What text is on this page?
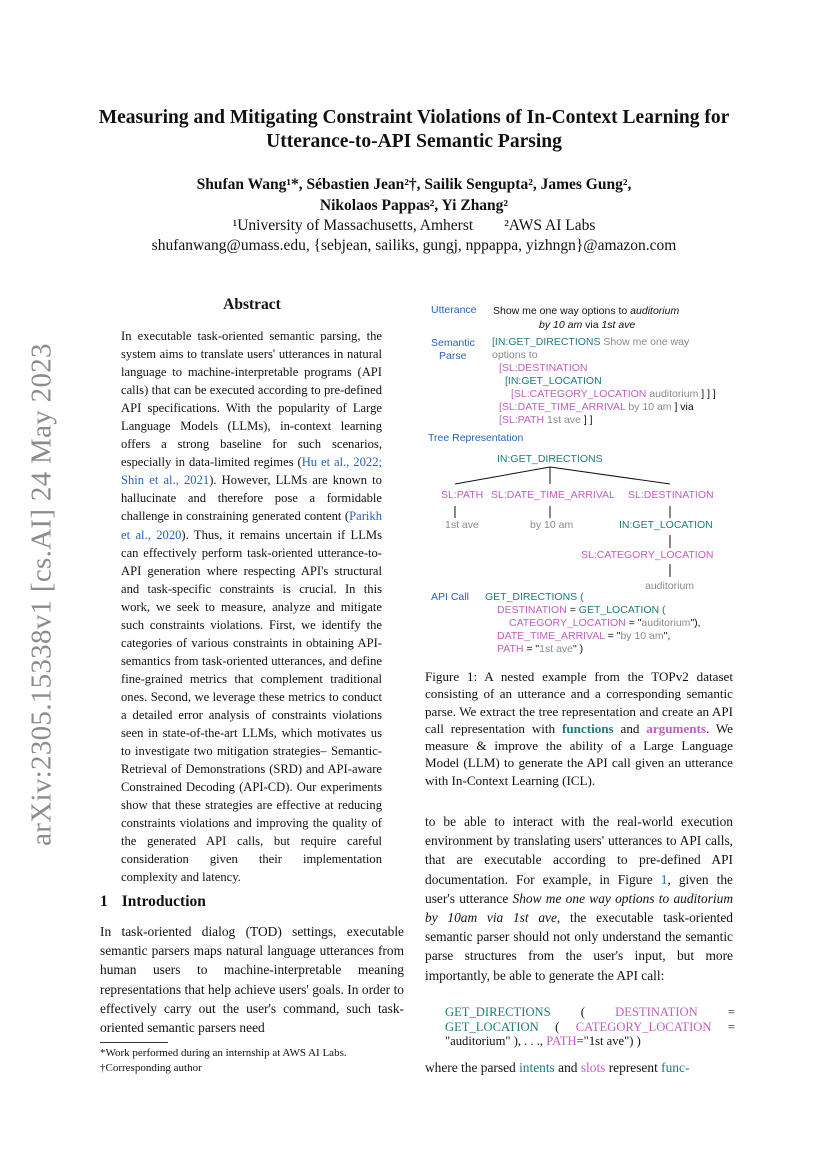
arXiv:2305.15338v1 [cs.AI] 24 May 2023
Measuring and Mitigating Constraint Violations of In-Context Learning for
Utterance-to-API Semantic Parsing
Shufan Wang¹*, Sébastien Jean²†, Sailik Sengupta², James Gung²,
Nikolaos Pappas², Yi Zhang²
¹University of Massachusetts, Amherst        ²AWS AI Labs
shufanwang@umass.edu, {sebjean, sailiks, gungj, nppappa, yizhngn}@amazon.com
Abstract
In executable task-oriented semantic parsing, the system aims to translate users' utterances in natural language to machine-interpretable programs (API calls) that can be executed according to pre-defined API specifications. With the popularity of Large Language Models (LLMs), in-context learning offers a strong baseline for such scenarios, especially in data-limited regimes (Hu et al., 2022; Shin et al., 2021). However, LLMs are known to hallucinate and therefore pose a formidable challenge in constraining generated content (Parikh et al., 2020). Thus, it remains uncertain if LLMs can effectively perform task-oriented utterance-to-API generation where respecting API's structural and task-specific constraints is crucial. In this work, we seek to measure, analyze and mitigate such constraints violations. First, we identify the categories of various constraints in obtaining API-semantics from task-oriented utterances, and define fine-grained metrics that complement traditional ones. Second, we leverage these metrics to conduct a detailed error analysis of constraints violations seen in state-of-the-art LLMs, which motivates us to investigate two mitigation strategies– Semantic-Retrieval of Demonstrations (SRD) and API-aware Constrained Decoding (API-CD). Our experiments show that these strategies are effective at reducing constraints violations and improving the quality of the generated API calls, but require careful consideration given their implementation complexity and latency.
1 Introduction
In task-oriented dialog (TOD) settings, executable semantic parsers maps natural language utterances from human users to machine-interpretable meaning representations that help achieve users' goals. In order to effectively carry out the user's command, such task-oriented semantic parsers need
*Work performed during an internship at AWS AI Labs.
†Corresponding author
Utterance Show me one way options to auditorium
by 10 am via 1st ave
Semantic
Parse
[IN:GET_DIRECTIONS Show me one way
options to
[SL:DESTINATION
[IN:GET_LOCATION
[SL:CATEGORY_LOCATION auditorium ] ] ]
[SL:DATE_TIME_ARRIVAL by 10 am ] via
[SL:PATH 1st ave ] ]
Tree Representation
IN:GET_DIRECTIONS
SL:PATH SL:DATE_TIME_ARRIVAL SL:DESTINATION
1st ave	by 10 am	IN:GET_LOCATION
SL:CATEGORY_LOCATION
auditorium
API Call GET_DIRECTIONS (
DESTINATION = GET_LOCATION (
CATEGORY_LOCATION = "auditorium"),
DATE_TIME_ARRIVAL = "by 10 am",
PATH = "1st ave" )
Figure 1: A nested example from the TOPv2 dataset consisting of an utterance and a corresponding semantic parse. We extract the tree representation and create an API call representation with functions and arguments. We measure & improve the ability of a Large Language Model (LLM) to generate the API call given an utterance with In-Context Learning (ICL).
to be able to interact with the real-world execution environment by translating users' utterances to API calls, that are executable according to pre-defined API documentation. For example, in Figure 1, given the user's utterance Show me one way options to auditorium by 10am via 1st ave, the executable task-oriented semantic parser should not only understand the semantic parse structures from the user's input, but more importantly, be able to generate the API call:
GET_DIRECTIONS ( DESTINATION =
GET_LOCATION ( CATEGORY_LOCATION =
"auditorium" ), . . ., PATH="1st ave") )
where the parsed intents and slots represent func-
